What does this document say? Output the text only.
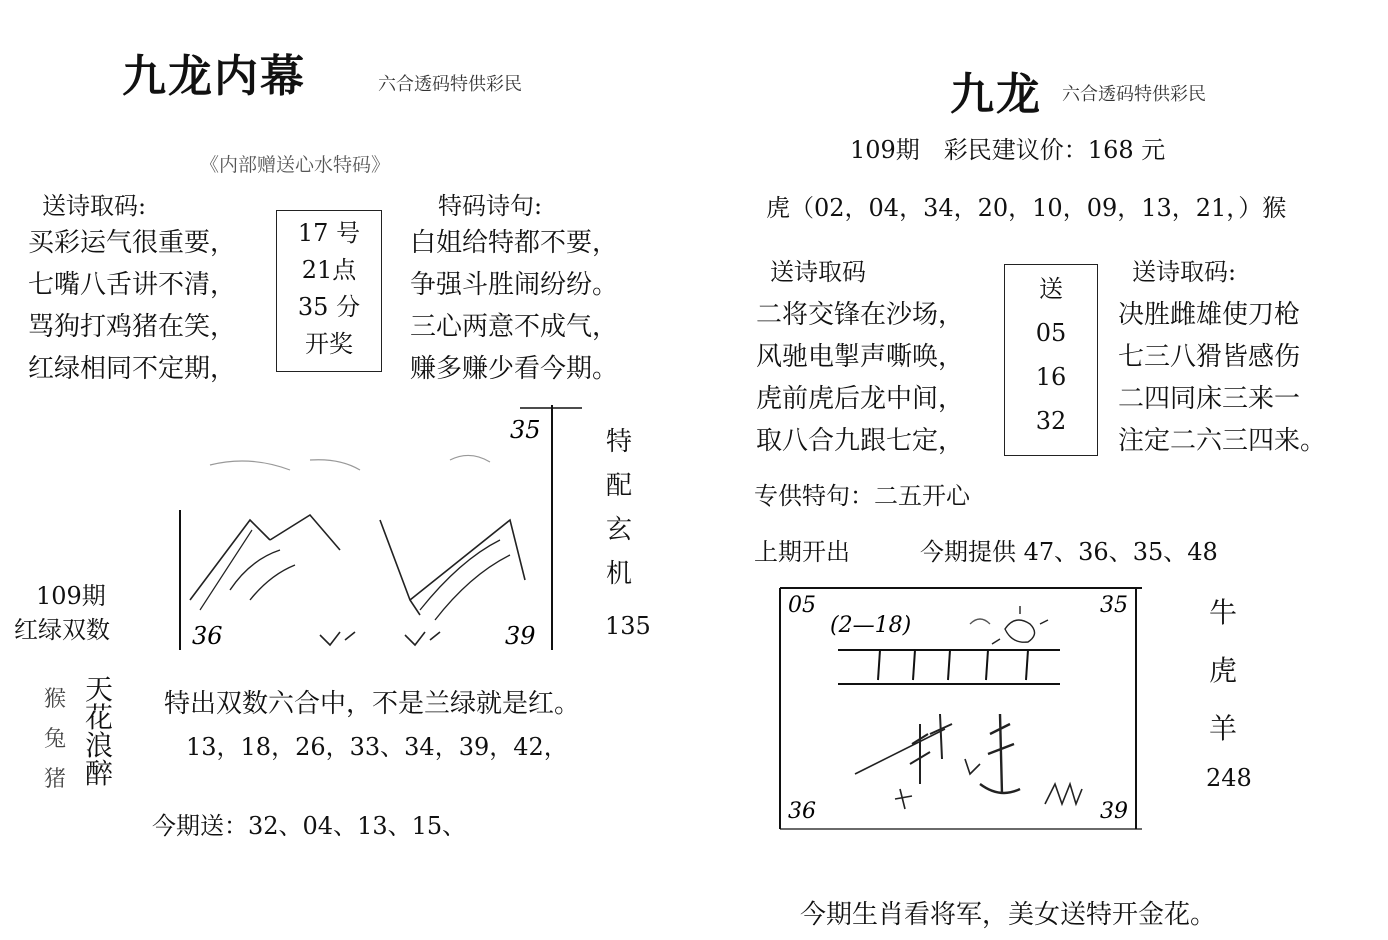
九龙内幕	六合透码特供彩民
《内部赠送心水特码》
送诗取码:
买彩运气很重要，
七嘴八舌讲不清，
骂狗打鸡猪在笑，
红绿相同不定期，
17 号
21点
35 分
开奖
特码诗句:
白姐给特都不要，
争强斗胜闹纷纷。
三心两意不成气，
赚多赚少看今期。
35
36	39
特
配
玄
机
135
109期
红绿双数
猴
兔
猪
天
花
浪
醉
特出双数六合中，不是兰绿就是红。
13，18，26，33、34，39，42，
今期送：32、04、13、15、
九龙 六合透码特供彩民
109期　彩民建议价：168 元
虎（02，04，34，20，10，09，13，21，）猴
送诗取码
二将交锋在沙场，
风驰电掣声嘶唤，
虎前虎后龙中间，
取八合九跟七定，
送
05
16
32
送诗取码:
决胜雌雄使刀枪
七三八猾皆感伤
二四同床三来一
注定二六三四来。
专供特句：二五开心
上期开出	今期提供 47、36、35、48
05	35
(2—18)
36	39
牛
虎
羊
248
今期生肖看将军，美女送特开金花。
